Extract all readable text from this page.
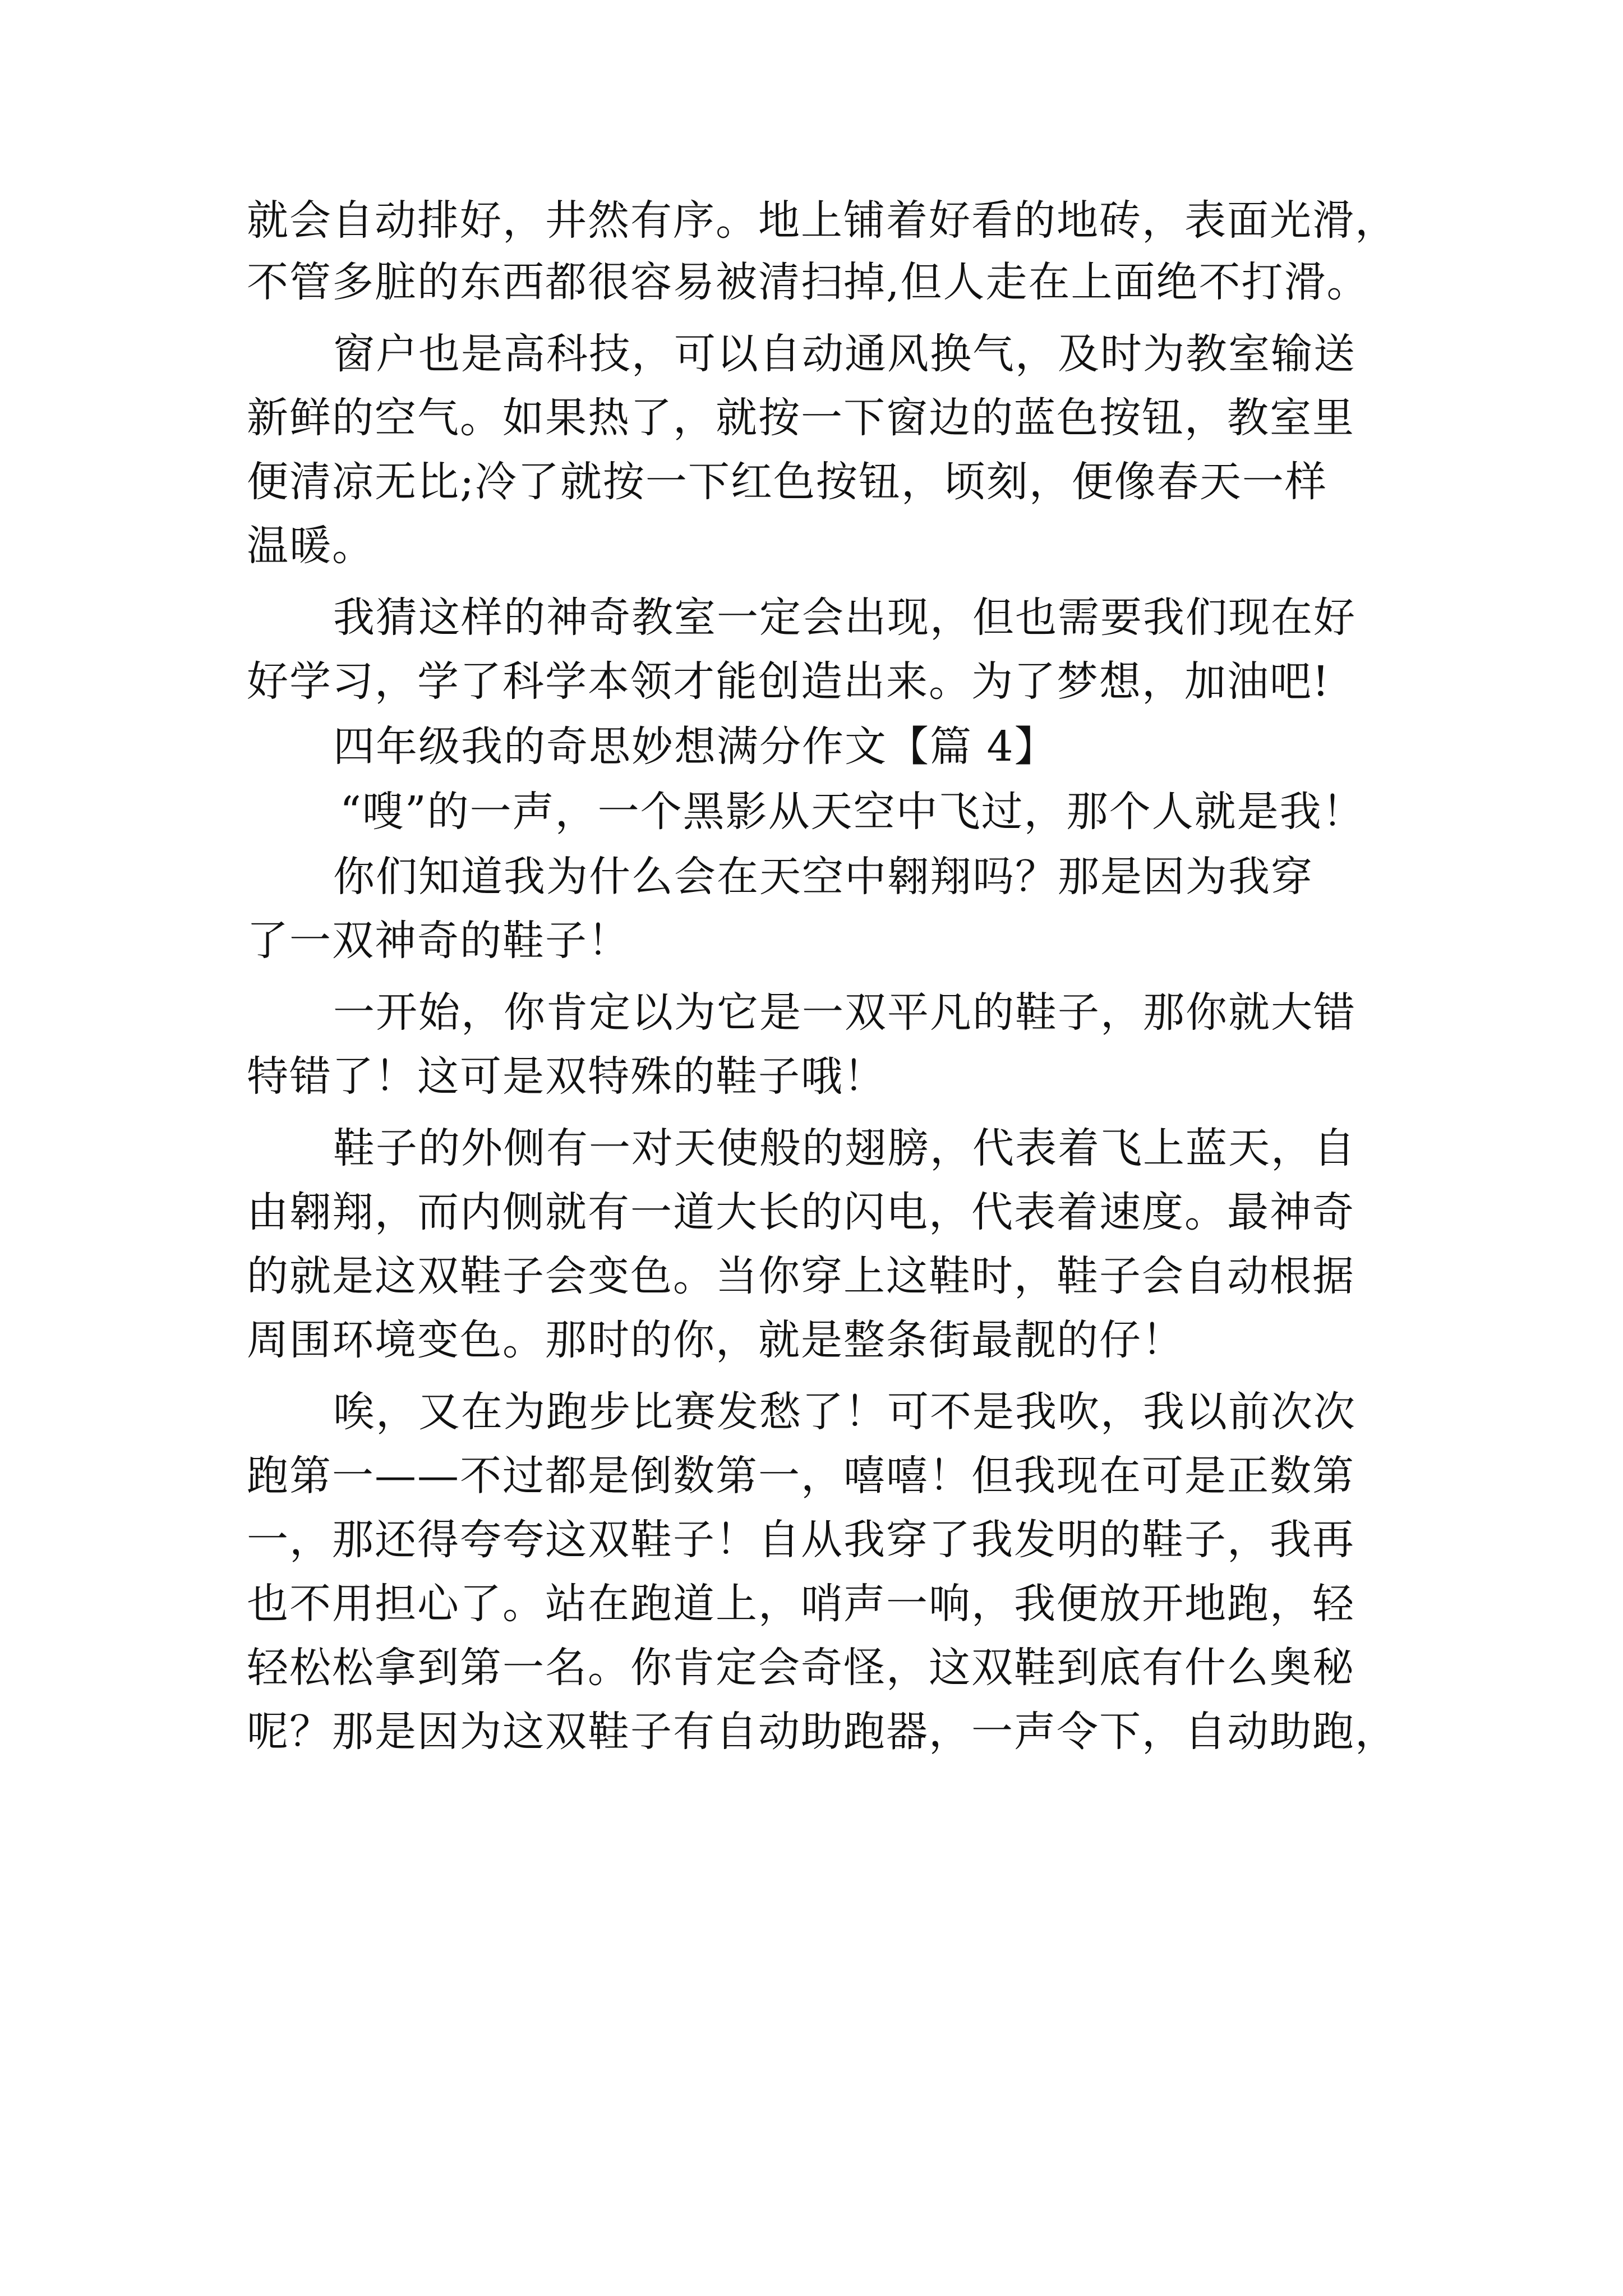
就会自动排好，井然有序。地上铺着好看的地砖，表面光滑，
不管多脏的东西都很容易被清扫掉,但人走在上面绝不打滑。
窗户也是高科技，可以自动通风换气，及时为教室输送
新鲜的空气。如果热了，就按一下窗边的蓝色按钮，教室里
便清凉无比;冷了就按一下红色按钮，顷刻，便像春天一样
温暖。
我猜这样的神奇教室一定会出现，但也需要我们现在好
好学习，学了科学本领才能创造出来。为了梦想，加油吧!
四年级我的奇思妙想满分作文【篇 4】
“嗖”的一声，一个黑影从天空中飞过，那个人就是我！
你们知道我为什么会在天空中翱翔吗？那是因为我穿
了一双神奇的鞋子！
一开始，你肯定以为它是一双平凡的鞋子，那你就大错
特错了！这可是双特殊的鞋子哦！
鞋子的外侧有一对天使般的翅膀，代表着飞上蓝天，自
由翱翔，而内侧就有一道大长的闪电，代表着速度。最神奇
的就是这双鞋子会变色。当你穿上这鞋时，鞋子会自动根据
周围环境变色。那时的你，就是整条街最靓的仔！
唉，又在为跑步比赛发愁了！可不是我吹，我以前次次
跑第一——不过都是倒数第一，嘻嘻！但我现在可是正数第
一，那还得夸夸这双鞋子！自从我穿了我发明的鞋子，我再
也不用担心了。站在跑道上，哨声一响，我便放开地跑，轻
轻松松拿到第一名。你肯定会奇怪，这双鞋到底有什么奥秘
呢？那是因为这双鞋子有自动助跑器，一声令下，自动助跑，
